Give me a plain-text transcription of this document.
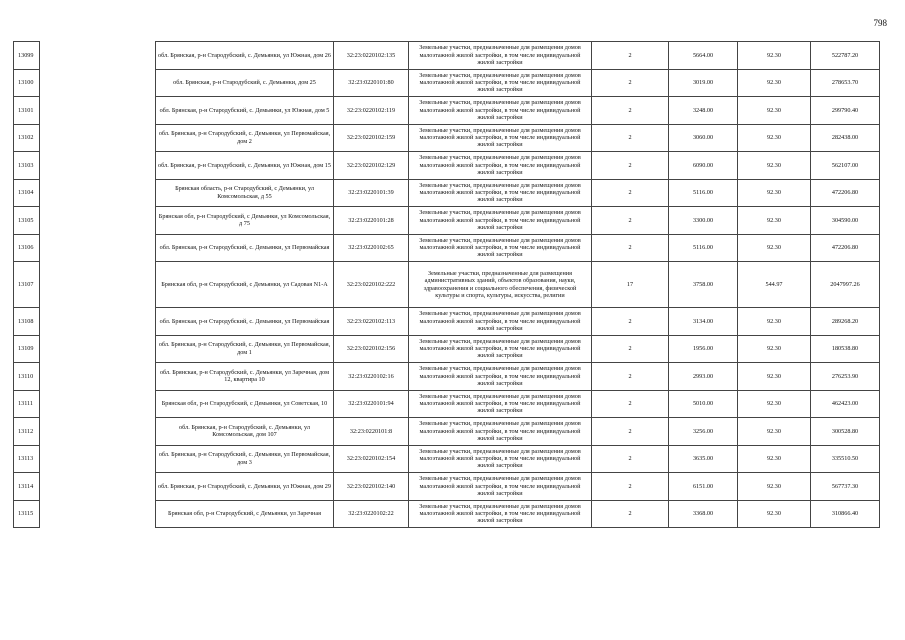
798
13099		обл. Брянская, р-н Стародубский, с. Демьянки, ул Южная, дом 26	32:23:0220102:135	Земельные участки, предназначенные для размещения домов малоэтажной жилой застройки, в том числе индивидуальной жилой застройки	2	5664.00	92.30	522787.20
13100		обл. Брянская, р-н Стародубский, с. Демьянки, дом 25	32:23:0220101:80	Земельные участки, предназначенные для размещения домов малоэтажной жилой застройки, в том числе индивидуальной жилой застройки	2	3019.00	92.30	278653.70
13101		обл. Брянская, р-н Стародубский, с. Демьянки, ул Южная, дом 5	32:23:0220102:119	Земельные участки, предназначенные для размещения домов малоэтажной жилой застройки, в том числе индивидуальной жилой застройки	2	3248.00	92.30	299790.40
13102		обл. Брянская, р-н Стародубский, с. Демьянки, ул Первомайская, дом 2	32:23:0220102:159	Земельные участки, предназначенные для размещения домов малоэтажной жилой застройки, в том числе индивидуальной жилой застройки	2	3060.00	92.30	282438.00
13103		обл. Брянская, р-н Стародубский, с. Демьянки, ул Южная, дом 15	32:23:0220102:129	Земельные участки, предназначенные для размещения домов малоэтажной жилой застройки, в том числе индивидуальной жилой застройки	2	6090.00	92.30	562107.00
13104		Брянская область, р-н Стародубский, с Демьянки, ул Комсомольская, д 55	32:23:0220101:39	Земельные участки, предназначенные для размещения домов малоэтажной жилой застройки, в том числе индивидуальной жилой застройки	2	5116.00	92.30	472206.80
13105		Брянская обл, р-н Стародубский, с Демьянки, ул Комсомольская, д 75	32:23:0220101:28	Земельные участки, предназначенные для размещения домов малоэтажной жилой застройки, в том числе индивидуальной жилой застройки	2	3300.00	92.30	304590.00
13106		обл. Брянская, р-н Стародубский, с. Демьянки, ул Первомайская	32:23:0220102:65	Земельные участки, предназначенные для размещения домов малоэтажной жилой застройки, в том числе индивидуальной жилой застройки	2	5116.00	92.30	472206.80
13107		Брянская обл, р-н Стародубский, с Демьянки, ул Садовая N1-А	32:23:0220102:222	Земельные участки, предназначенные для размещения административных зданий, объектов образования, науки, здравоохранения и социального обеспечения, физической культуры и спорта, культуры, искусства, религии	17	3758.00	544.97	2047997.26
13108		обл. Брянская, р-н Стародубский, с. Демьянки, ул Первомайская	32:23:0220102:113	Земельные участки, предназначенные для размещения домов малоэтажной жилой застройки, в том числе индивидуальной жилой застройки	2	3134.00	92.30	289268.20
13109		обл. Брянская, р-н Стародубский, с. Демьянки, ул Первомайская, дом 1	32:23:0220102:156	Земельные участки, предназначенные для размещения домов малоэтажной жилой застройки, в том числе индивидуальной жилой застройки	2	1956.00	92.30	180538.80
13110		обл. Брянская, р-н Стародубский, с. Демьянки, ул Заречная, дом 12, квартира 10	32:23:0220102:16	Земельные участки, предназначенные для размещения домов малоэтажной жилой застройки, в том числе индивидуальной жилой застройки	2	2993.00	92.30	276253.90
13111		Брянская обл, р-н Стародубский, с Демьянки, ул Советская, 10	32:23:0220101:94	Земельные участки, предназначенные для размещения домов малоэтажной жилой застройки, в том числе индивидуальной жилой застройки	2	5010.00	92.30	462423.00
13112		обл. Брянская, р-н Стародубский, с. Демьянки, ул Комсомольская, дом 107	32:23:0220101:8	Земельные участки, предназначенные для размещения домов малоэтажной жилой застройки, в том числе индивидуальной жилой застройки	2	3256.00	92.30	300528.80
13113		обл. Брянская, р-н Стародубский, с. Демьянки, ул Первомайская, дом 3	32:23:0220102:154	Земельные участки, предназначенные для размещения домов малоэтажной жилой застройки, в том числе индивидуальной жилой застройки	2	3635.00	92.30	335510.50
13114		обл. Брянская, р-н Стародубский, с. Демьянки, ул Южная, дом 29	32:23:0220102:140	Земельные участки, предназначенные для размещения домов малоэтажной жилой застройки, в том числе индивидуальной жилой застройки	2	6151.00	92.30	567737.30
13115		Брянская обл, р-н Стародубский, с Демьянки, ул Заречная	32:23:0220102:22	Земельные участки, предназначенные для размещения домов малоэтажной жилой застройки, в том числе индивидуальной жилой застройки	2	3368.00	92.30	310866.40
